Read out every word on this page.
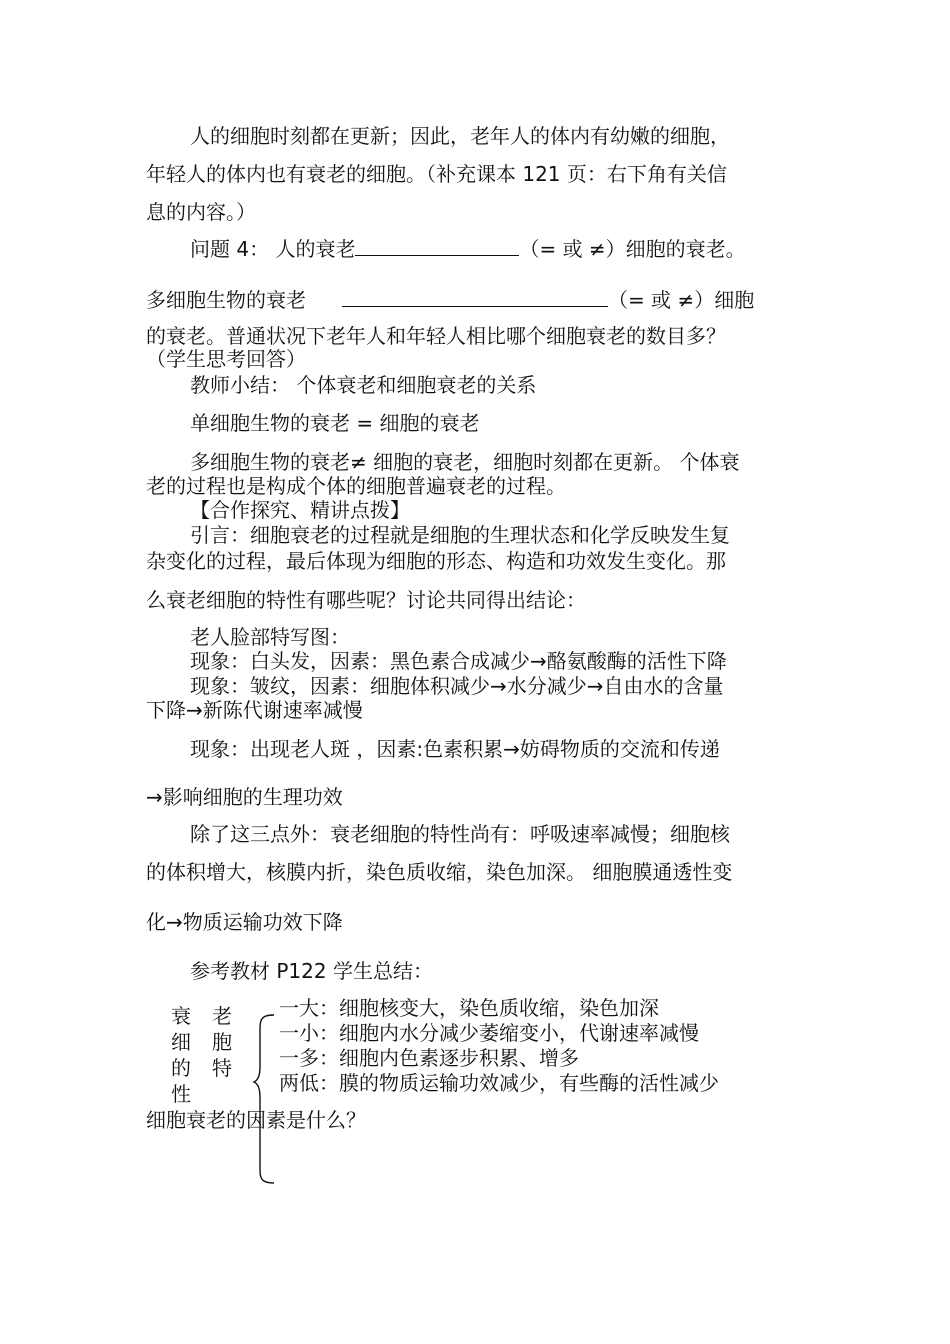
人的细胞时刻都在更新；因此，老年人的体内有幼嫩的细胞，
年轻人的体内也有衰老的细胞。（补充课本 121 页：右下角有关信
息的内容。）
问题 4： 人的衰老	（= 或 ≠）细胞的衰老。
多细胞生物的衰老	（= 或 ≠）细胞
的衰老。普通状况下老年人和年轻人相比哪个细胞衰老的数目多？
（学生思考回答）
教师小结： 个体衰老和细胞衰老的关系
单细胞生物的衰老 = 细胞的衰老
多细胞生物的衰老≠ 细胞的衰老，细胞时刻都在更新。 个体衰
老的过程也是构成个体的细胞普遍衰老的过程。
【合作探究、精讲点拨】
引言：细胞衰老的过程就是细胞的生理状态和化学反映发生复
杂变化的过程，最后体现为细胞的形态、构造和功效发生变化。那
么衰老细胞的特性有哪些呢？讨论共同得出结论：
老人脸部特写图：
现象：白头发，因素：黑色素合成减少→酪氨酸酶的活性下降
现象：皱纹，因素：细胞体积减少→水分减少→自由水的含量
下降→新陈代谢速率减慢
现象：出现老人斑 ，因素:色素积累→妨碍物质的交流和传递
→影响细胞的生理功效
除了这三点外：衰老细胞的特性尚有：呼吸速率减慢；细胞核
的体积增大，核膜内折，染色质收缩，染色加深。 细胞膜通透性变
化→物质运输功效下降
参考教材 P122 学生总结：
衰 老
细 胞
的 特
性
一大：细胞核变大，染色质收缩，染色加深
一小：细胞内水分减少萎缩变小，代谢速率减慢
一多：细胞内色素逐步积累、增多
两低：膜的物质运输功效减少，有些酶的活性减少
细胞衰老的因素是什么？
